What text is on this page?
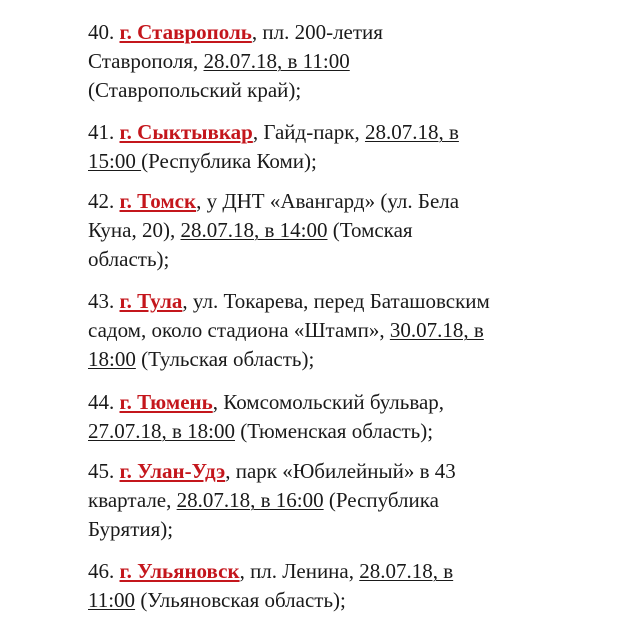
40. г. Ставрополь, пл. 200-летия
Ставрополя, 28.07.18, в 11:00
(Ставропольский край);
41. г. Сыктывкар, Гайд-парк, 28.07.18, в
15:00 (Республика Коми);
42. г. Томск, у ДНТ «Авангард» (ул. Бела
Куна, 20), 28.07.18, в 14:00 (Томская
область);
43. г. Тула, ул. Токарева, перед Баташовским
садом, около стадиона «Штамп», 30.07.18, в
18:00 (Тульская область);
44. г. Тюмень, Комсомольский бульвар,
27.07.18, в 18:00 (Тюменская область);
45. г. Улан-Удэ, парк «Юбилейный» в 43
квартале, 28.07.18, в 16:00 (Республика
Бурятия);
46. г. Ульяновск, пл. Ленина, 28.07.18, в
11:00 (Ульяновская область);
